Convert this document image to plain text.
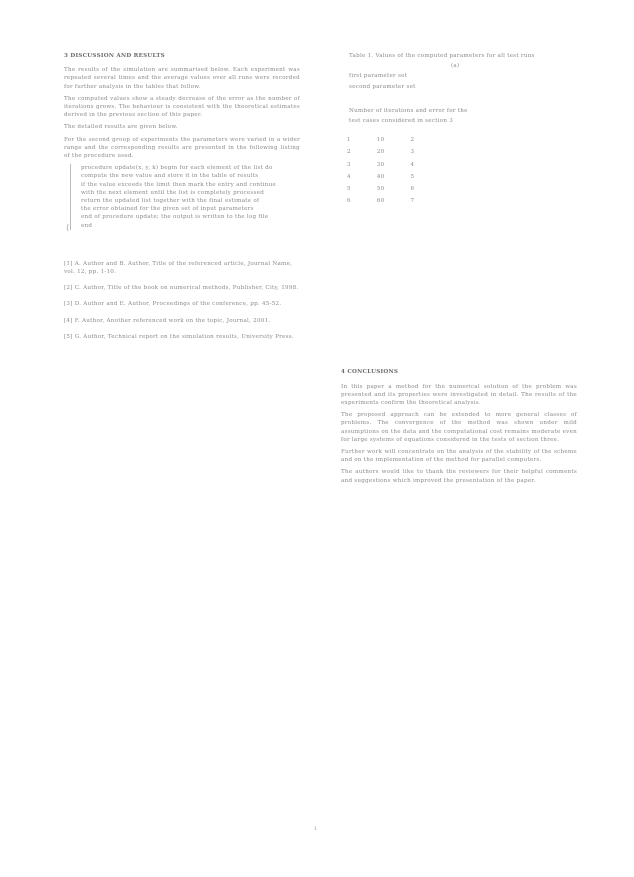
3 DISCUSSION AND RESULTS

The results of the simulation are summarised below. Each experiment was repeated several times and the average values over all runs were recorded for further analysis in the tables that follow.

The computed values show a steady decrease of the error as the number of iterations grows. The behaviour is consistent with the theoretical estimates derived in the previous section of this paper.

The detailed results are given below.

For the second group of experiments the parameters were varied in a wider range and the corresponding results are presented in the following listing of the procedure used.

⟨
procedure update(x, y, k) begin for each element of the list do
compute the new value and store it in the table of results
if the value exceeds the limit then mark the entry and continue
with the next element until the list is completely processed
return the updated list together with the final estimate of
the error obtained for the given set of input parameters
end of procedure update; the output is written to the log file
end
[1] A. Author and B. Author, Title of the referenced article, Journal Name, vol. 12, pp. 1-10.
[2] C. Author, Title of the book on numerical methods, Publisher, City, 1998.
[3] D. Author and E. Author, Proceedings of the conference, pp. 45-52.
[4] F. Author, Another referenced work on the topic, Journal, 2001.
[5] G. Author, Technical report on the simulation results, University Press.
Table 1. Values of the computed parameters for all test runs
(a)
first parameter set
second parameter set
Number of iterations and error for the
test cases considered in section 3
1	10	2
2	20	3
3	30	4
4	40	5
5	50	6
6	60	7
4 CONCLUSIONS

In this paper a method for the numerical solution of the problem was presented and its properties were investigated in detail. The results of the experiments confirm the theoretical analysis.

The proposed approach can be extended to more general classes of problems. The convergence of the method was shown under mild assumptions on the data and the computational cost remains moderate even for large systems of equations considered in the tests of section three.

Further work will concentrate on the analysis of the stability of the scheme and on the implementation of the method for parallel computers.

The authors would like to thank the reviewers for their helpful comments and suggestions which improved the presentation of the paper.

1
